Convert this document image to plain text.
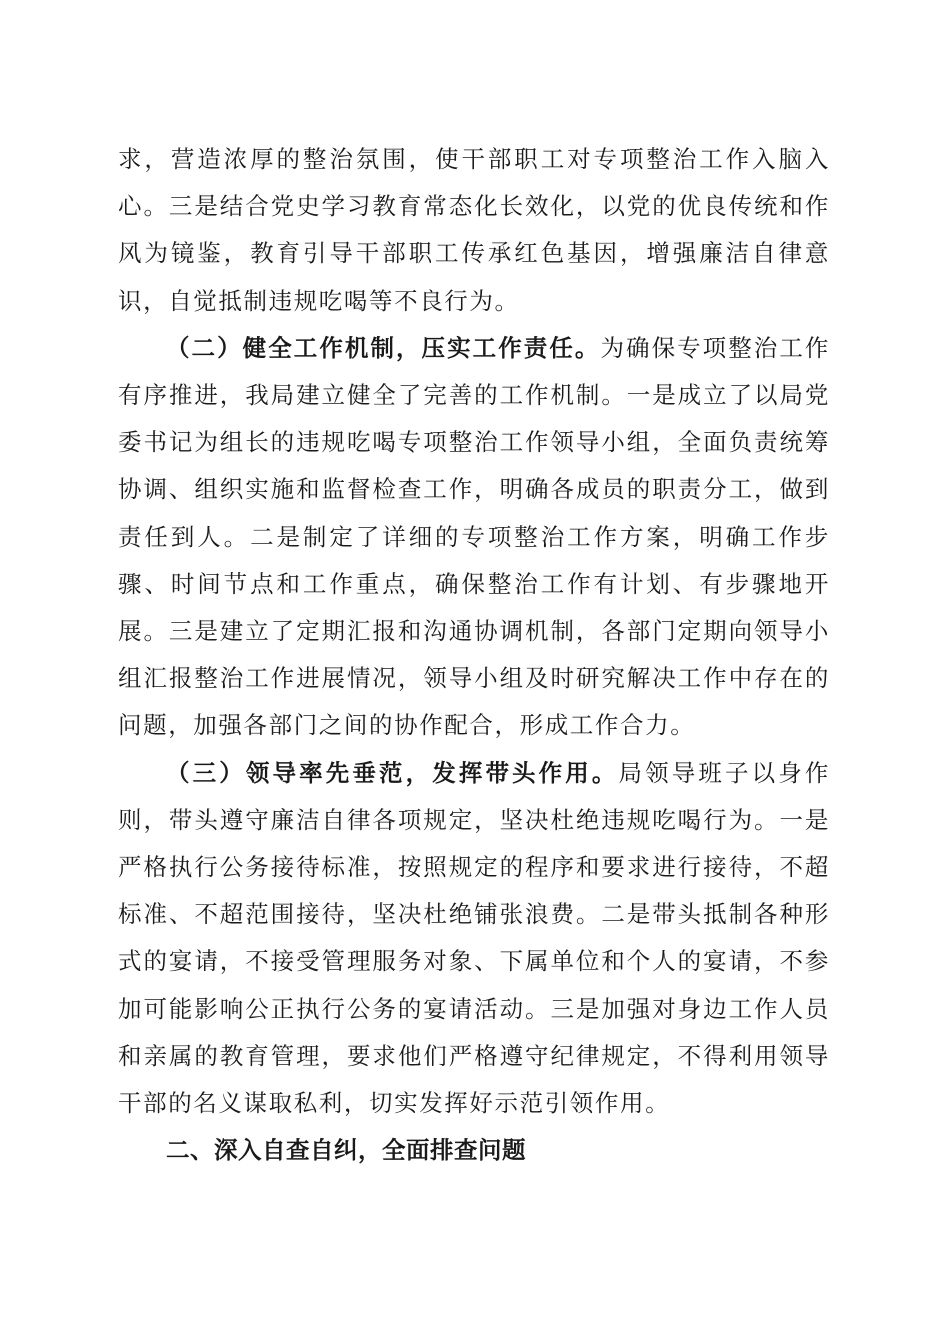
求，营造浓厚的整治氛围，使干部职工对专项整治工作入脑入心。三是结合党史学习教育常态化长效化，以党的优良传统和作风为镜鉴，教育引导干部职工传承红色基因，增强廉洁自律意识，自觉抵制违规吃喝等不良行为。

（二）健全工作机制，压实工作责任。为确保专项整治工作有序推进，我局建立健全了完善的工作机制。一是成立了以局党委书记为组长的违规吃喝专项整治工作领导小组，全面负责统筹协调、组织实施和监督检查工作，明确各成员的职责分工，做到责任到人。二是制定了详细的专项整治工作方案，明确工作步骤、时间节点和工作重点，确保整治工作有计划、有步骤地开展。三是建立了定期汇报和沟通协调机制，各部门定期向领导小组汇报整治工作进展情况，领导小组及时研究解决工作中存在的问题，加强各部门之间的协作配合，形成工作合力。

（三）领导率先垂范，发挥带头作用。局领导班子以身作则，带头遵守廉洁自律各项规定，坚决杜绝违规吃喝行为。一是严格执行公务接待标准，按照规定的程序和要求进行接待，不超标准、不超范围接待，坚决杜绝铺张浪费。二是带头抵制各种形式的宴请，不接受管理服务对象、下属单位和个人的宴请，不参加可能影响公正执行公务的宴请活动。三是加强对身边工作人员和亲属的教育管理，要求他们严格遵守纪律规定，不得利用领导干部的名义谋取私利，切实发挥好示范引领作用。

二、深入自查自纠，全面排查问题
